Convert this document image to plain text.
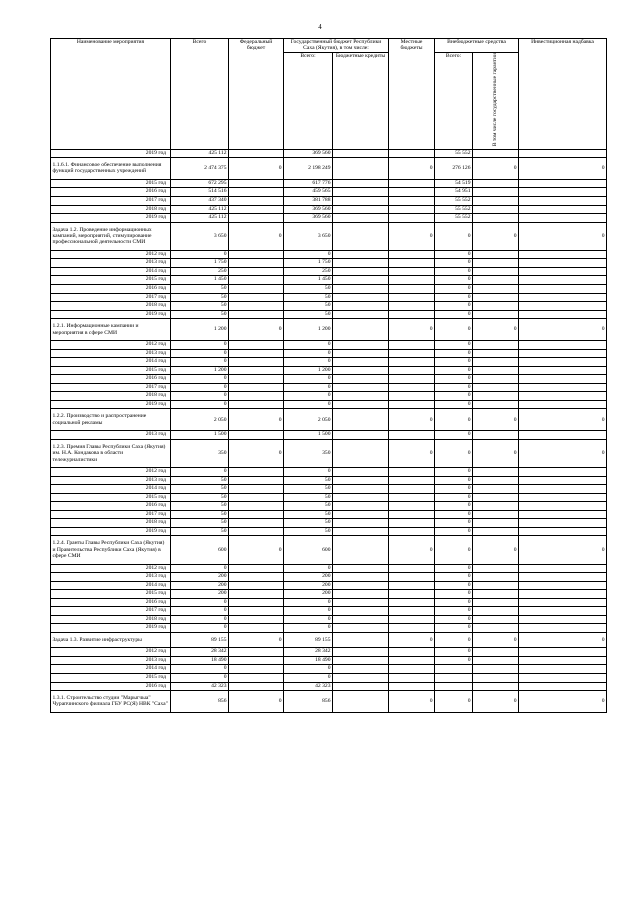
4
Наименование мероприятия	Всего	Федеральный бюджет	Государственный бюджет Республики Саха (Якутия), в том числе:		Местные бюджеты	Внебюджетные средства		Инвестиционная надбавка
			Всего:	Бюджетные кредиты		Всего:	В том числе государственные гарантии	
2019 год	425 112		369 560			55 552		
1.1.6.1. Финансовое обеспечение выполнения функций государственных учреждений	2 474 375	0	2 198 249		0	276 126	0	0
2015 год	672 295		617 776			54 519		
2016 год	514 516		459 565			54 951		
2017 год	437 340		381 788			55 552		
2018 год	425 112		369 560			55 552		
2019 год	425 112		369 560			55 552		
Задача 1.2. Проведение информационных кампаний, мероприятий, стимулирование профессиональной деятельности СМИ	3 650	0	3 650		0	0	0	0
2012 год	0		0			0		
2013 год	1 750		1 750			0		
2014 год	250		250			0		
2015 год	1 450		1 450			0		
2016 год	50		50			0		
2017 год	50		50			0		
2018 год	50		50			0		
2019 год	50		50			0		
1.2.1. Информационные кампании и мероприятия в сфере СМИ	1 200	0	1 200		0	0	0	0
2012 год	0		0			0		
2013 год	0		0			0		
2014 год	0		0			0		
2015 год	1 200		1 200			0		
2016 год	0		0			0		
2017 год	0		0			0		
2018 год	0		0			0		
2019 год	0		0			0		
1.2.2. Производство и распространение социальной рекламы	2 050	0	2 050		0	0	0	0
2013 год	1 500		1 500			0		
1.2.3. Премия Главы Республики Саха (Якутия) им. Н.А. Кондакова в области тележурналистики	350	0	350		0	0	0	0
2012 год	0		0			0		
2013 год	50		50			0		
2014 год	50		50			0		
2015 год	50		50			0		
2016 год	50		50			0		
2017 год	50		50			0		
2018 год	50		50			0		
2019 год	50		50			0		
1.2.4. Гранты Главы Республики Саха (Якутия) и Правительства Республики Саха (Якутия) в сфере СМИ	600	0	600		0	0	0	0
2012 год	0		0			0		
2013 год	200		200			0		
2014 год	200		200			0		
2015 год	200		200			0		
2016 год	0		0			0		
2017 год	0		0			0		
2018 год	0		0			0		
2019 год	0		0			0		
Задача 1.3. Развитие инфраструктуры	89 155	0	89 155		0	0	0	0
2012 год	28 342		28 342			0		
2013 год	18 490		18 490			0		
2014 год	0		0					
2015 год	0		0					
2016 год	42 323		42 323					
1.3.1. Строительство студии "Марыгчыа" Чурапчинского филиала ГБУ РС(Я) НВК "Саха"	856	0	856		0	0	0	0
